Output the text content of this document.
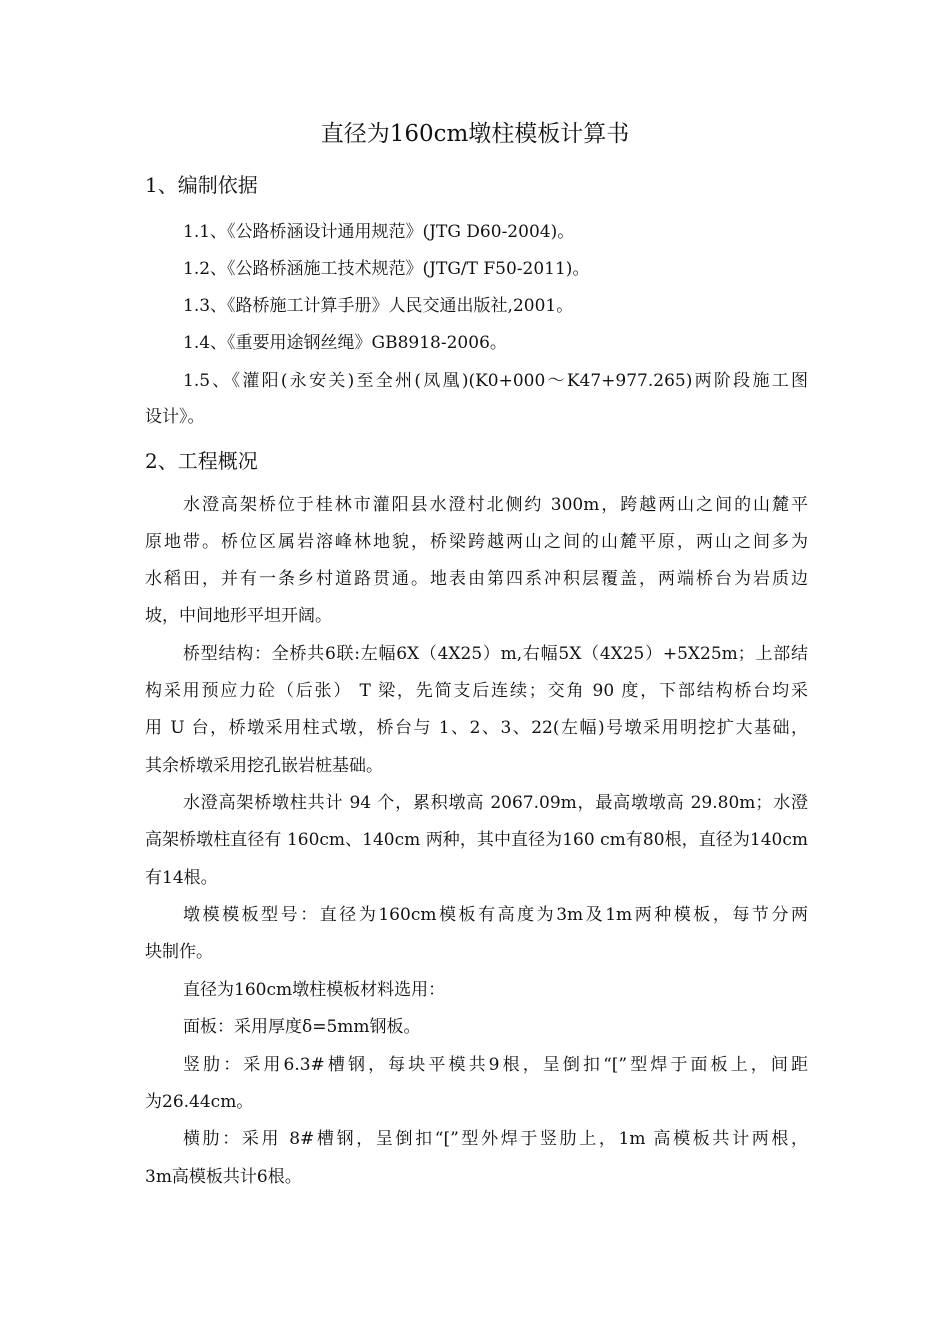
直径为160cm墩柱模板计算书
1、编制依据
1.1、《公路桥涵设计通用规范》(JTG D60-2004)。
1.2、《公路桥涵施工技术规范》(JTG/T F50-2011)。
1.3、《路桥施工计算手册》人民交通出版社,2001。
1.4、《重要用途钢丝绳》GB8918-2006。
1.5、《灌阳(永安关)至全州(凤凰)(K0+000～K47+977.265)两阶段施工图
设计》。
2、工程概况
水澄高架桥位于桂林市灌阳县水澄村北侧约 300m，跨越两山之间的山麓平
原地带。桥位区属岩溶峰林地貌，桥梁跨越两山之间的山麓平原，两山之间多为
水稻田，并有一条乡村道路贯通。地表由第四系冲积层覆盖，两端桥台为岩质边
坡，中间地形平坦开阔。
桥型结构：全桥共6联:左幅6X（4X25）m,右幅5X（4X25）+5X25m；上部结
构采用预应力砼（后张） T 梁，先简支后连续；交角 90 度，下部结构桥台均采
用 U 台，桥墩采用柱式墩，桥台与 1、2、3、22(左幅)号墩采用明挖扩大基础，
其余桥墩采用挖孔嵌岩桩基础。
水澄高架桥墩柱共计 94 个，累积墩高 2067.09m，最高墩墩高 29.80m；水澄
高架桥墩柱直径有 160cm、140cm 两种，其中直径为160 cm有80根，直径为140cm
有14根。
墩模模板型号：直径为160cm模板有高度为3m及1m两种模板，每节分两
块制作。
直径为160cm墩柱模板材料选用：
面板：采用厚度δ=5mm钢板。
竖肋：采用6.3#槽钢，每块平模共9根，呈倒扣“[”型焊于面板上，间距
为26.44cm。
横肋：采用 8#槽钢，呈倒扣“[”型外焊于竖肋上，1m 高模板共计两根，
3m高模板共计6根。
